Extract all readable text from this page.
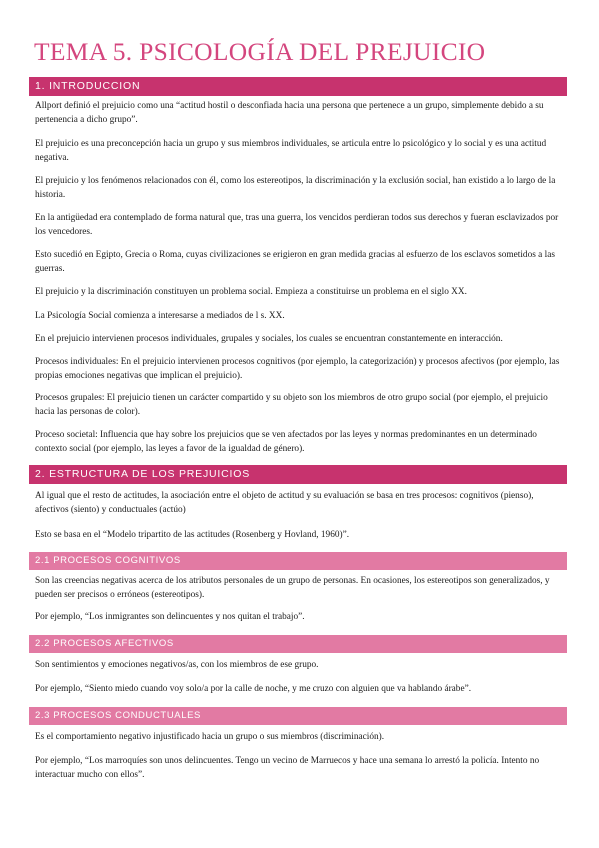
TEMA 5. PSICOLOGÍA DEL PREJUICIO
1. INTRODUCCION
Allport definió el prejuicio como una “actitud hostil o desconfiada hacia una persona que pertenece a un grupo, simplemente debido a su pertenencia a dicho grupo”.
El prejuicio es una preconcepción hacia un grupo y sus miembros individuales, se articula entre lo psicológico y lo social y es una actitud negativa.
El prejuicio y los fenómenos relacionados con él, como los estereotipos, la discriminación y la exclusión social, han existido a lo largo de la historia.
En la antigüedad era contemplado de forma natural que, tras una guerra, los vencidos perdieran todos sus derechos y fueran esclavizados por los vencedores.
Esto sucedió en Egipto, Grecia o Roma, cuyas civilizaciones se erigieron en gran medida gracias al esfuerzo de los esclavos sometidos a las guerras.
El prejuicio y la discriminación constituyen un problema social. Empieza a constituirse un problema en el siglo XX.
La Psicología Social comienza a interesarse a mediados de l s. XX.
En el prejuicio intervienen procesos individuales, grupales y sociales, los cuales se encuentran constantemente en interacción.
Procesos individuales: En el prejuicio intervienen procesos cognitivos (por ejemplo, la categorización) y procesos afectivos (por ejemplo, las propias emociones negativas que implican el prejuicio).
Procesos grupales: El prejuicio tienen un carácter compartido y su objeto son los miembros de otro grupo social (por ejemplo, el prejuicio hacia las personas de color).
Proceso societal: Influencia que hay sobre los prejuicios que se ven afectados por las leyes y normas predominantes en un determinado contexto social (por ejemplo, las leyes a favor de la igualdad de género).
2. ESTRUCTURA DE LOS PREJUICIOS
Al igual que el resto de actitudes, la asociación entre el objeto de actitud y su evaluación se basa en tres procesos: cognitivos (pienso), afectivos (siento) y conductuales (actúo)
Esto se basa en el “Modelo tripartito de las actitudes (Rosenberg y Hovland, 1960)”.
2.1 PROCESOS COGNITIVOS
Son las creencias negativas acerca de los atributos personales de un grupo de personas. En ocasiones, los estereotipos son generalizados, y pueden ser precisos o erróneos (estereotipos).
Por ejemplo, “Los inmigrantes son delincuentes y nos quitan el trabajo”.
2.2 PROCESOS AFECTIVOS
Son sentimientos y emociones negativos/as, con los miembros de ese grupo.
Por ejemplo, “Siento miedo cuando voy solo/a por la calle de noche, y me cruzo con alguien que va hablando árabe”.
2.3 PROCESOS CONDUCTUALES
Es el comportamiento negativo injustificado hacia un grupo o sus miembros (discriminación).
Por ejemplo, “Los marroquíes son unos delincuentes. Tengo un vecino de Marruecos y hace una semana lo arrestó la policía. Intento no interactuar mucho con ellos”.
